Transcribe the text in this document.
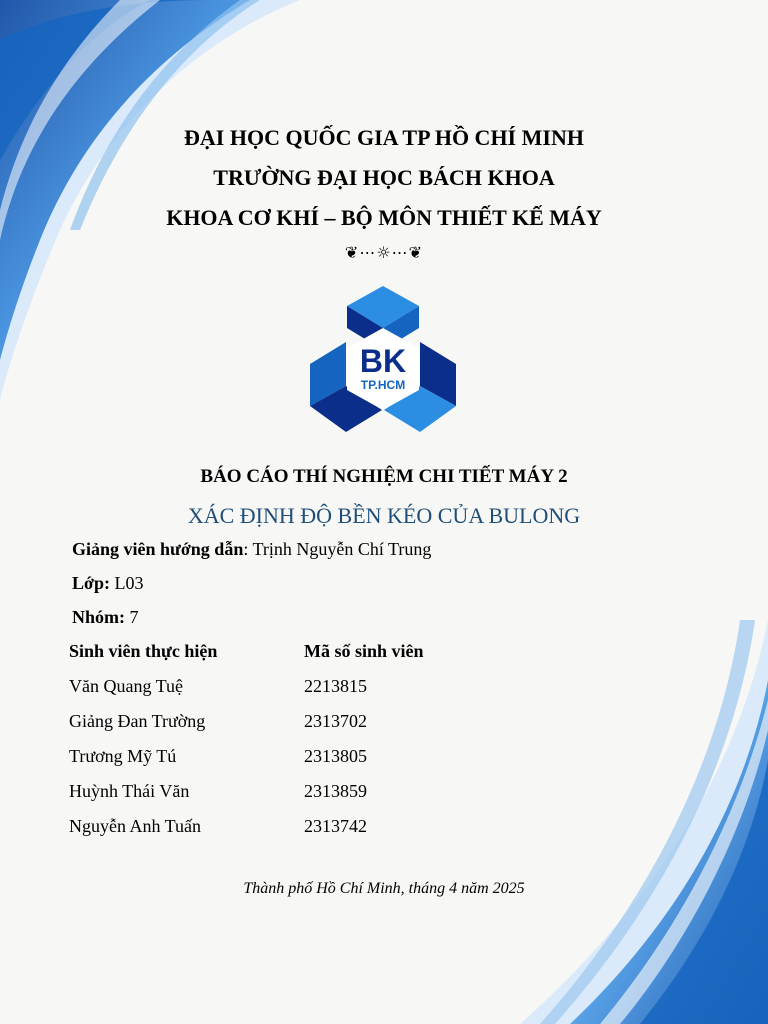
ĐẠI HỌC QUỐC GIA TP HỒ CHÍ MINH
TRƯỜNG ĐẠI HỌC BÁCH KHOA
KHOA CƠ KHÍ – BỘ MÔN THIẾT KẾ MÁY
❦⋯☼⋯❦
BK
TP.HCM
BÁO CÁO THÍ NGHIỆM CHI TIẾT MÁY 2
XÁC ĐỊNH ĐỘ BỀN KÉO CỦA BULONG
Giảng viên hướng dẫn: Trịnh Nguyễn Chí Trung
Lớp: L03
Nhóm: 7
Sinh viên thực hiện	Mã số sinh viên
Văn Quang Tuệ	2213815
Giảng Đan Trường	2313702
Trương Mỹ Tú	2313805
Huỳnh Thái Văn	2313859
Nguyễn Anh Tuấn	2313742
Thành phố Hồ Chí Minh, tháng 4 năm 2025
